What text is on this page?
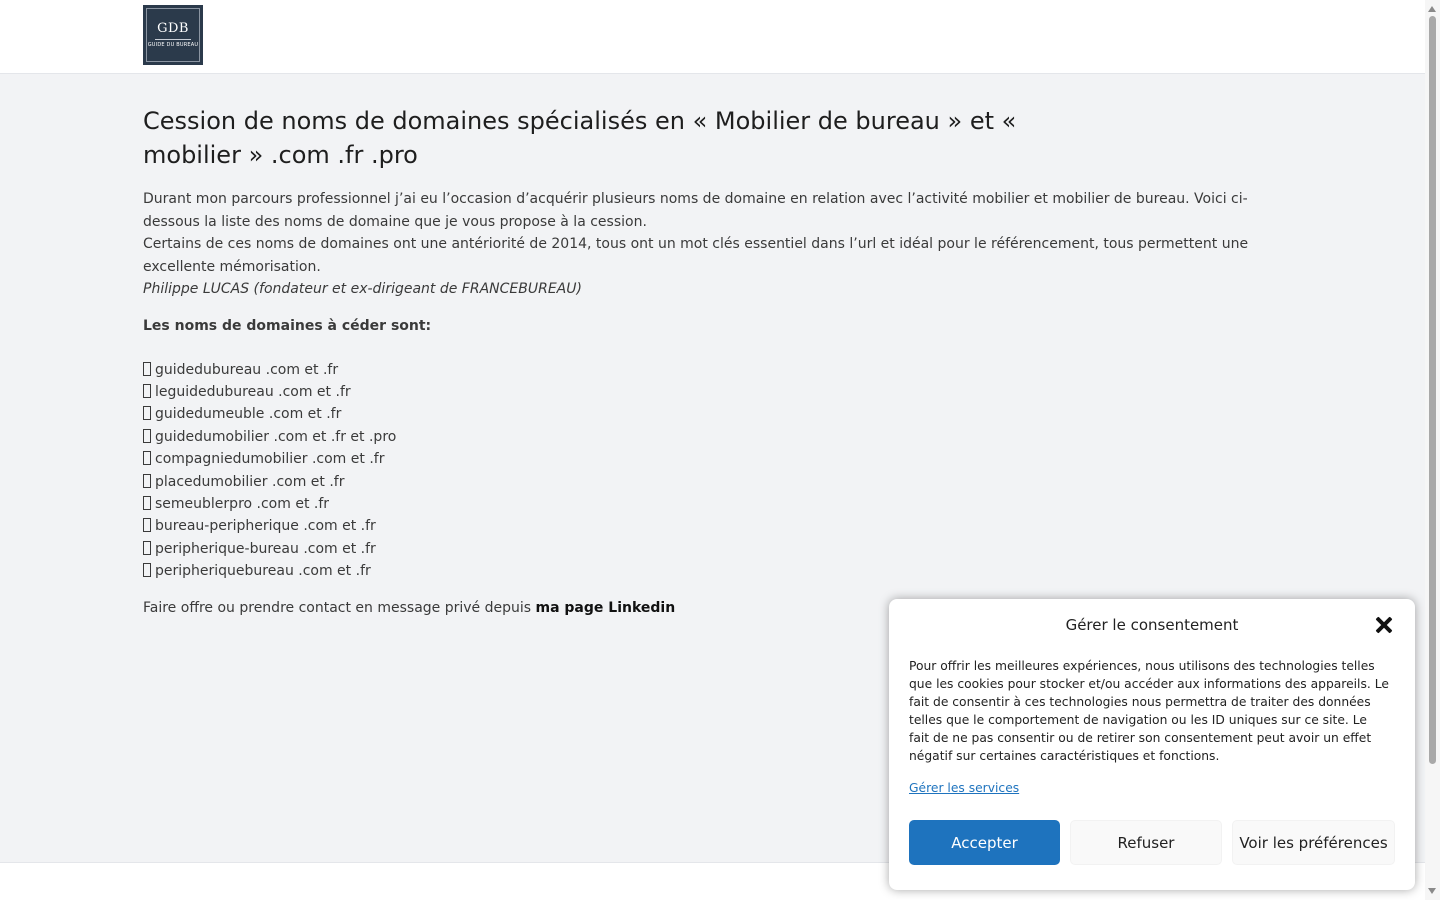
GDB
GUIDE DU BUREAU
Cession de noms de domaines spécialisés en « Mobilier de bureau » et « mobilier » .com .fr .pro

Durant mon parcours professionnel j’ai eu l’occasion d’acquérir plusieurs noms de domaine en relation avec l’activité mobilier et mobilier de bureau. Voici ci-dessous la liste des noms de domaine que je vous propose à la cession.

Certains de ces noms de domaines ont une antériorité de 2014, tous ont un mot clés essentiel dans l’url et idéal pour le référencement, tous permettent une excellente mémorisation.

Philippe LUCAS (fondateur et ex-dirigeant de FRANCEBUREAU)

Les noms de domaines à céder sont:
guidedubureau .com et .fr
leguidedubureau .com et .fr
guidedumeuble .com et .fr
guidedumobilier .com et .fr et .pro
compagniedumobilier .com et .fr
placedumobilier .com et .fr
semeublerpro .com et .fr
bureau-peripherique .com et .fr
peripherique-bureau .com et .fr
peripheriquebureau .com et .fr
Faire offre ou prendre contact en message privé depuis ma page Linkedin
Gérer le consentement
Pour offrir les meilleures expériences, nous utilisons des technologies telles que les cookies pour stocker et/ou accéder aux informations des appareils. Le fait de consentir à ces technologies nous permettra de traiter des données telles que le comportement de navigation ou les ID uniques sur ce site. Le fait de ne pas consentir ou de retirer son consentement peut avoir un effet négatif sur certaines caractéristiques et fonctions.
Gérer les services
Accepter	Refuser	Voir les préférences
